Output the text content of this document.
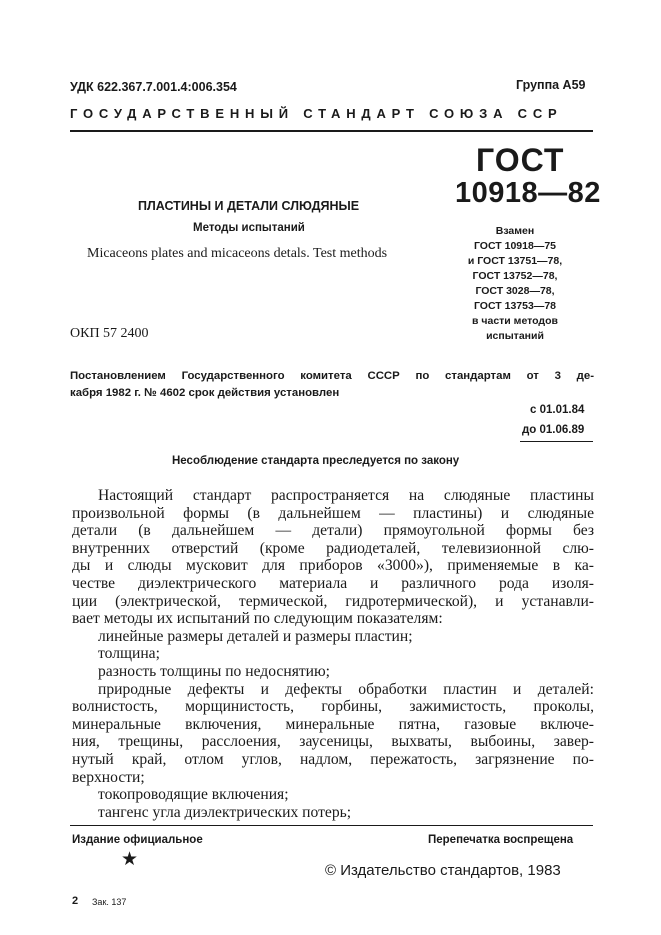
УДК 622.367.7.001.4:006.354	Группа А59
ГОСУДАРСТВЕННЫЙ СТАНДАРТ СОЮЗА ССР
ГОСТ
10918—82
ПЛАСТИНЫ И ДЕТАЛИ СЛЮДЯНЫЕ
Методы испытаний
Micaceons plates and micaceons detals. Test methods
Взамен
ГОСТ 10918—75
и ГОСТ 13751—78,
ГОСТ 13752—78,
ГОСТ 3028—78,
ГОСТ 13753—78
в части методов
испытаний
ОКП 57 2400
Постановлением Государственного комитета СССР по стандартам от 3 де-
кабря 1982 г. № 4602 срок действия установлен
с 01.01.84
до 01.06.89
Несоблюдение стандарта преследуется по закону
Настоящий стандарт распространяется на слюдяные пластины
произвольной формы (в дальнейшем — пластины) и слюдяные
детали (в дальнейшем — детали) прямоугольной формы без
внутренних отверстий (кроме радиодеталей, телевизионной слю-
ды и слюды мусковит для приборов «3000»), применяемые в ка-
честве диэлектрического материала и различного рода изоля-
ции (электрической, термической, гидротермической), и устанавли-
вает методы их испытаний по следующим показателям:
линейные размеры деталей и размеры пластин;
толщина;
разность толщины по недоснятию;
природные дефекты и дефекты обработки пластин и деталей:
волнистость, морщинистость, горбины, зажимистость, проколы,
минеральные включения, минеральные пятна, газовые включе-
ния, трещины, расслоения, заусеницы, выхваты, выбоины, завер-
нутый край, отлом углов, надлом, пережатость, загрязнение по-
верхности;
токопроводящие включения;
тангенс угла диэлектрических потерь;
Издание официальное	Перепечатка воспрещена
★
© Издательство стандартов, 1983
2 Зак. 137
